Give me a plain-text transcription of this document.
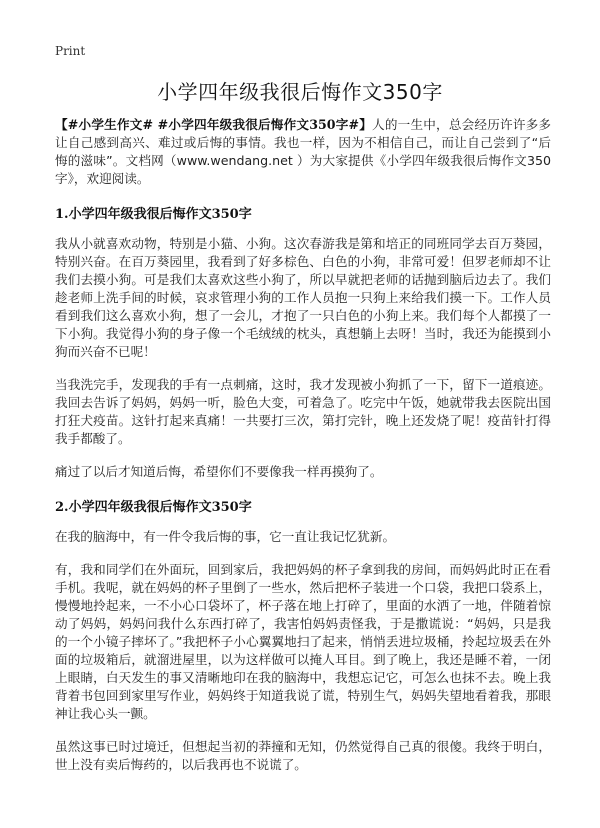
Print

小学四年级我很后悔作文350字

【#小学生作文# #小学四年级我很后悔作文350字#】人的一生中，总会经历许许多多让自己感到高兴、难过或后悔的事情。我也一样，因为不相信自己，而让自己尝到了“后悔的滋味”。文档网（www.wendang.net ）为大家提供《小学四年级我很后悔作文350字》，欢迎阅读。

1.小学四年级我很后悔作文350字

我从小就喜欢动物，特别是小猫、小狗。这次春游我是第和培正的同班同学去百万葵园，特别兴奋。在百万葵园里，我看到了好多棕色、白色的小狗，非常可爱！但罗老师却不让我们去摸小狗。可是我们太喜欢这些小狗了，所以早就把老师的话抛到脑后边去了。我们趁老师上洗手间的时候，哀求管理小狗的工作人员抱一只狗上来给我们摸一下。工作人员看到我们这么喜欢小狗，想了一会儿，才抱了一只白色的小狗上来。我们每个人都摸了一下小狗。我觉得小狗的身子像一个毛绒绒的枕头，真想躺上去呀！当时，我还为能摸到小狗而兴奋不已呢！

当我洗完手，发现我的手有一点刺痛，这时，我才发现被小狗抓了一下，留下一道痕迹。我回去告诉了妈妈，妈妈一听，脸色大变，可着急了。吃完中午饭，她就带我去医院出国打狂犬疫苗。这针打起来真痛！一共要打三次，第打完针，晚上还发烧了呢！疫苗针打得我手都酸了。

痛过了以后才知道后悔，希望你们不要像我一样再摸狗了。

2.小学四年级我很后悔作文350字

在我的脑海中，有一件令我后悔的事，它一直让我记忆犹新。

有，我和同学们在外面玩，回到家后，我把妈妈的杯子拿到我的房间，而妈妈此时正在看手机。我呢，就在妈妈的杯子里倒了一些水，然后把杯子装进一个口袋，我把口袋系上，慢慢地拎起来，一不小心口袋坏了，杯子落在地上打碎了，里面的水洒了一地，伴随着惊动了妈妈，妈妈问我什么东西打碎了，我害怕妈妈责怪我，于是撒谎说：“妈妈，只是我的一个小镜子摔坏了。”我把杯子小心翼翼地扫了起来，悄悄丢进垃圾桶，拎起垃圾丢在外面的垃圾箱后，就溜进屋里，以为这样做可以掩人耳目。到了晚上，我还是睡不着，一闭上眼睛，白天发生的事又清晰地印在我的脑海中，我想忘记它，可怎么也抹不去。晚上我背着书包回到家里写作业，妈妈终于知道我说了谎，特别生气，妈妈失望地看着我，那眼神让我心头一颤。

虽然这事已时过境迁，但想起当初的莽撞和无知，仍然觉得自己真的很傻。我终于明白，世上没有卖后悔药的，以后我再也不说谎了。
